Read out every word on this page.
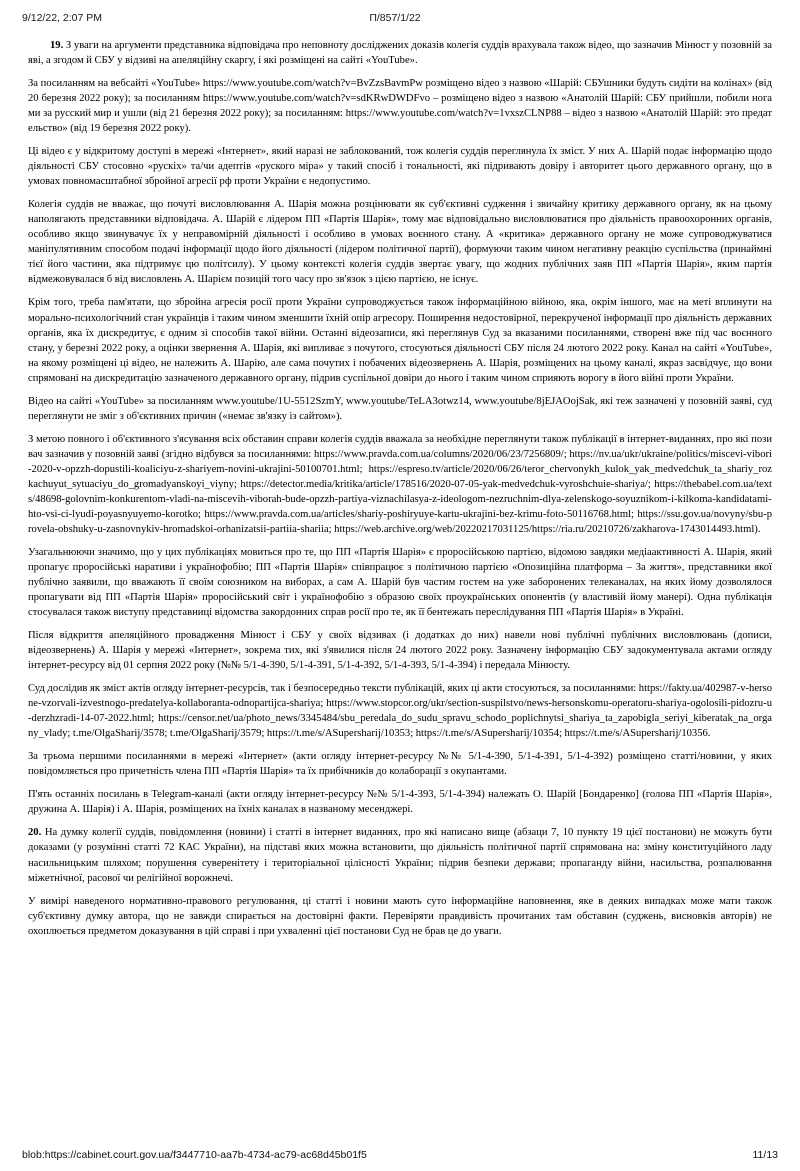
9/12/22, 2:07 PM	П/857/1/22

19. З уваги на аргументи представника відповідача про неповноту досліджених доказів колегія суддів врахувала також відео, що зазначив Мінюст у позовній заяві, а згодом й СБУ у відзиві на апеляційну скаргу, і які розміщені на сайті «YouTube».

За посиланням на вебсайті «YouTube» https://www.youtube.com/watch?v=BvZzsBavmPw розміщено відео з назвою «Шарій: СБУшники будуть сидіти на колінах» (від 20 березня 2022 року); за посиланням https://www.youtube.com/watch?v=sdKRwDWDFvo – розміщено відео з назвою «Анатолій Шарій: СБУ прийшли, побили ногами за русский мир и ушли (від 21 березня 2022 року); за посиланням: https://www.youtube.com/watch?v=1vxszCLNP88 – відео з назвою «Анатолій Шарій: это предательство» (від 19 березня 2022 року).

Ці відео є у відкритому доступі в мережі «Інтернет», який наразі не заблокований, тож колегія суддів переглянула їх зміст. У них А. Шарій подає інформацію щодо діяльності СБУ стосовно «рускіх» та/чи адептів «руского міра» у такий спосіб і тональності, які підривають довіру і авторитет цього державного органу, що в умовах повномасштабної збройної агресії рф проти України є недопустимо.

Колегія суддів не вважає, що почуті висловлювання А. Шарія можна розцінювати як суб'єктивні судження і звичайну критику державного органу, як на цьому наполягають представники відповідача. А. Шарій є лідером ПП «Партія Шарія», тому має відповідально висловлюватися про діяльність правоохоронних органів, особливо якщо звинувачує їх у неправомірній діяльності і особливо в умовах воєнного стану. А «критика» державного органу не може супроводжуватися маніпулятивним способом подачі інформації щодо його діяльності (лідером політичної партії), формуючи таким чином негативну реакцію суспільства (принаймні тієї його частини, яка підтримує цю політсилу). У цьому контексті колегія суддів звертає увагу, що жодних публічних заяв ПП «Партія Шарія», яким партія відмежовувалася б від висловлень А. Шарієм позицій того часу про зв'язок з цією партією, не існує.

Крім того, треба пам'ятати, що збройна агресія росії проти України супроводжується також інформаційною війною, яка, окрім іншого, має на меті вплинути на морально-психологічний стан українців і таким чином зменшити їхній опір агресору. Поширення недостовірної, перекрученої інформації про діяльність державних органів, яка їх дискредитує, є одним зі способів такої війни. Останні відеозаписи, які переглянув Суд за вказаними посиланнями, створені вже під час воєнного стану, у березні 2022 року, а оцінки звернення А. Шарія, які випливає з почутого, стосуються діяльності СБУ після 24 лютого 2022 року. Канал на сайті «YouTube», на якому розміщені ці відео, не належить А. Шарію, але сама почутих і побачених відеозвернень А. Шарія, розміщених на цьому каналі, якраз засвідчує, що вони спрямовані на дискредитацію зазначеного державного органу, підрив суспільної довіри до нього і таким чином сприяють ворогу в його війні проти України.

Відео на сайті «YouTube» за посиланням www.youtube/1U-5512SzmY, www.youtube/TeLA3otwz14, www.youtube/8jEJAOojSak, які теж зазначені у позовній заяві, суд переглянути не зміг з об'єктивних причин («немає зв'язку із сайтом»).

З метою повного і об'єктивного з'ясування всіх обставин справи колегія суддів вважала за необхідне переглянути також публікації в інтернет-виданнях, про які позивач зазначив у позовній заяві (згідно відбувся за посиланнями: https://www.pravda.com.ua/columns/2020/06/23/7256809/; https://nv.ua/ukr/ukraine/politics/miscevi-vibori-2020-v-opzzh-dopustili-koaliciyu-z-shariyem-novini-ukrajini-50100701.html; https://espreso.tv/article/2020/06/26/teror_chervonykh_kulok_yak_medvedchuk_ta_shariy_rozkachuyut_sytuaciyu_do_gromadyanskoyi_viyny; https://detector.media/kritika/article/178516/2020-07-05-yak-medvedchuk-vyroshchuie-shariya/; https://thebabel.com.ua/texts/48698-golovnim-konkurentom-vladi-na-miscevih-viborah-bude-opzzh-partiya-viznachilasya-z-ideologom-nezruchnim-dlya-zelenskogo-soyuznikom-i-kilkoma-kandidatami-hto-vsi-ci-lyudi-poyasnyuyemo-korotko; https://www.pravda.com.ua/articles/shariy-poshiryuye-kartu-ukrajini-bez-krimu-foto-50116768.html; https://ssu.gov.ua/novyny/sbu-provela-obshuky-u-zasnovnykiv-hromadskoi-orhanizatsii-partiia-shariia; https://web.archive.org/web/20220217031125/https://ria.ru/20210726/zakharova-1743014493.html).

Узагальнюючи значимо, що у цих публікаціях мовиться про те, що ПП «Партія Шарія» є проросійською партією, відомою завдяки медіаактивності А. Шарія, який пропагує проросійські наративи і українофобію; ПП «Партія Шарія» співпрацює з політичною партією «Опозиційна платформа – За життя», представники якої публічно заявили, що вважають її своїм союзником на виборах, а сам А. Шарій був частим гостем на уже заборонених телеканалах, на яких йому дозволялося пропагувати від ПП «Партія Шарія» проросійський світ і українофобію з образою своїх проукраїнських опонентів (у властивій йому манері). Одна публікація стосувалася також виступу представниці відомства закордонних справ росії про те, як її бентежать переслідування ПП «Партія Шарія» в Україні.

Після відкриття апеляційного провадження Мінюст і СБУ у своїх відзивах (і додатках до них) навели нові публічні публічних висловлювань (дописи, відеозвернень) А. Шарія у мережі «Інтернет», зокрема тих, які з'явилися після 24 лютого 2022 року. Зазначену інформацію СБУ задокументувала актами огляду інтернет-ресурсу від 01 серпня 2022 року (№№ 5/1-4-390, 5/1-4-391, 5/1-4-392, 5/1-4-393, 5/1-4-394) і передала Мінюсту.

Суд дослідив як зміст актів огляду інтернет-ресурсів, так і безпосередньо тексти публікацій, яких ці акти стосуються, за посиланнями: https://fakty.ua/402987-v-hersone-vzorvali-izvestnogo-predatelya-kollaboranta-odnopartijca-shariya; https://www.stopcor.org/ukr/section-suspilstvo/news-hersonskomu-operatoru-shariya-ogolosili-pidozru-u-derzhzradi-14-07-2022.html; https://censor.net/ua/photo_news/3345484/sbu_peredala_do_sudu_spravu_schodo_poplichnytsi_shariya_ta_zapobigla_seriyi_kiberatak_na_organy_vlady; t.me/OlgaSharij/3578; t.me/OlgaSharij/3579; https://t.me/s/ASupersharij/10353; https://t.me/s/ASupersharij/10354; https://t.me/s/ASupersharij/10356.

За трьома першими посиланнями в мережі «Інтернет» (акти огляду інтернет-ресурсу №№ 5/1-4-390, 5/1-4-391, 5/1-4-392) розміщено статті/новини, у яких повідомляється про причетність члена ПП «Партія Шарія» та їх прибічників до колаборації з окупантами.

П'ять останніх посилань в Telegram-каналі (акти огляду інтернет-ресурсу №№ 5/1-4-393, 5/1-4-394) належать О. Шарій [Бондаренко] (голова ПП «Партія Шарія», дружина А. Шарія) і А. Шарія, розміщених на їхніх каналах в названому месенджері.

20. На думку колегії суддів, повідомлення (новини) і статті в інтернет виданнях, про які написано вище (абзаци 7, 10 пункту 19 цієї постанови) не можуть бути доказами (у розумінні статті 72 КАС України), на підставі яких можна встановити, що діяльність політичної партії спрямована на: зміну конституційного ладу насильницьким шляхом; порушення суверенітету і територіальної цілісності України; підрив безпеки держави; пропаганду війни, насильства, розпалювання міжетнічної, расової чи релігійної ворожнечі.

У вимірі наведеного нормативно-правового регулювання, ці статті і новини мають суто інформаційне наповнення, яке в деяких випадках може мати також суб'єктивну думку автора, що не завжди спирається на достовірні факти. Перевіряти правдивість прочитаних там обставин (суджень, висновків авторів) не охоплюється предметом доказування в цій справі і при ухваленні цієї постанови Суд не брав це до уваги.

blob:https://cabinet.court.gov.ua/f3447710-aa7b-4734-ac79-ac68d45b01f5	11/13
